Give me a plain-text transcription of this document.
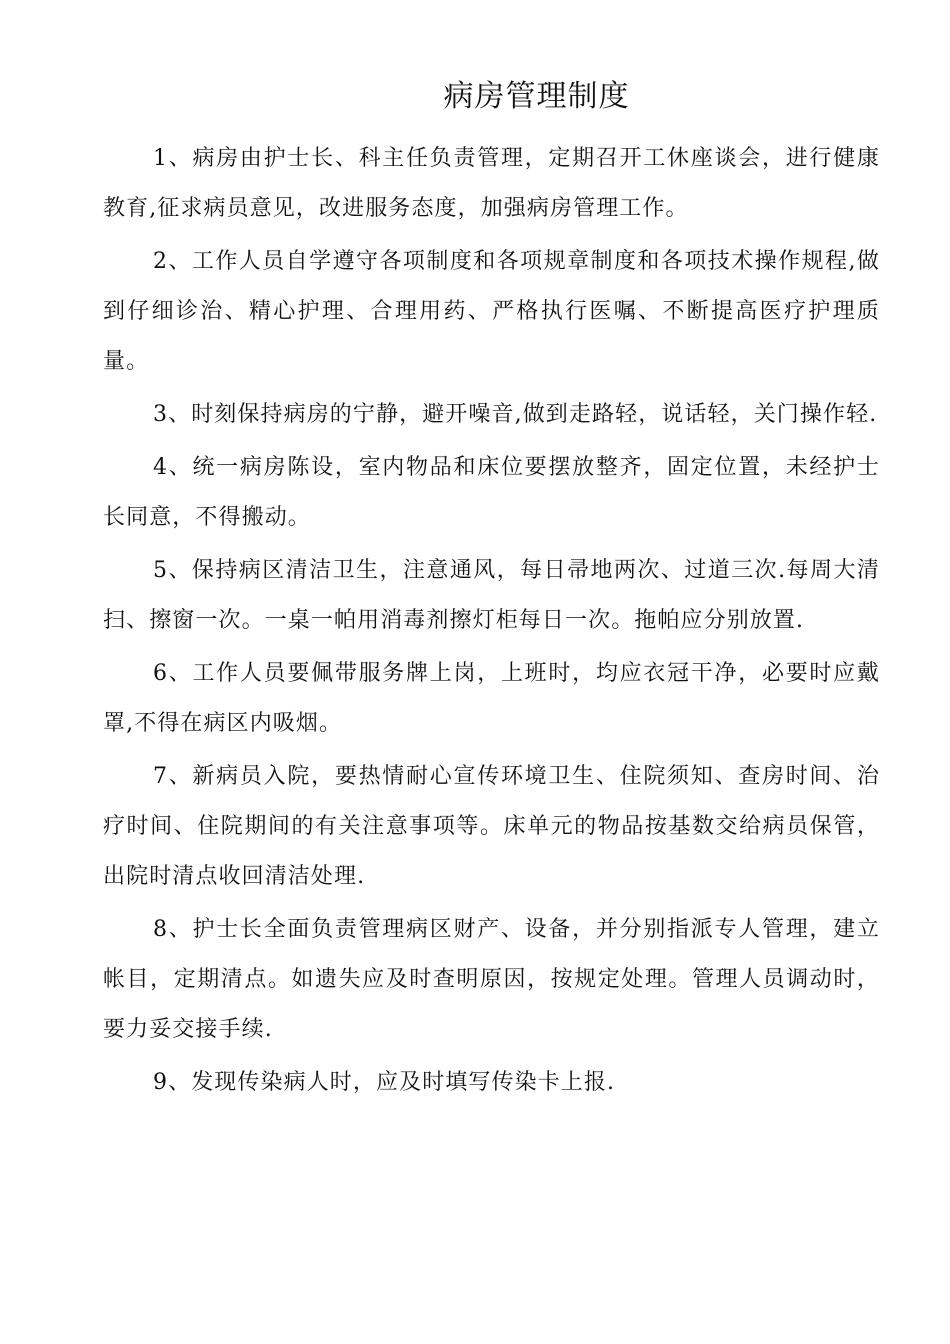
病房管理制度

1、病房由护士长、科主任负责管理，定期召开工休座谈会，进行健康教育,征求病员意见，改进服务态度，加强病房管理工作。

2、工作人员自学遵守各项制度和各项规章制度和各项技术操作规程,做到仔细诊治、精心护理、合理用药、严格执行医嘱、不断提高医疗护理质量。

3、时刻保持病房的宁静，避开噪音,做到走路轻，说话轻，关门操作轻.

4、统一病房陈设，室内物品和床位要摆放整齐，固定位置，未经护士长同意，不得搬动。

5、保持病区清洁卫生，注意通风，每日帚地两次、过道三次.每周大清扫、擦窗一次。一桌一帕用消毒剂擦灯柜每日一次。拖帕应分别放置.

6、工作人员要佩带服务牌上岗，上班时，均应衣冠干净，必要时应戴罩,不得在病区内吸烟。

7、新病员入院，要热情耐心宣传环境卫生、住院须知、查房时间、治疗时间、住院期间的有关注意事项等。床单元的物品按基数交给病员保管，出院时清点收回清洁处理.

8、护士长全面负责管理病区财产、设备，并分别指派专人管理，建立帐目，定期清点。如遗失应及时查明原因，按规定处理。管理人员调动时，要力妥交接手续.

9、发现传染病人时，应及时填写传染卡上报.
